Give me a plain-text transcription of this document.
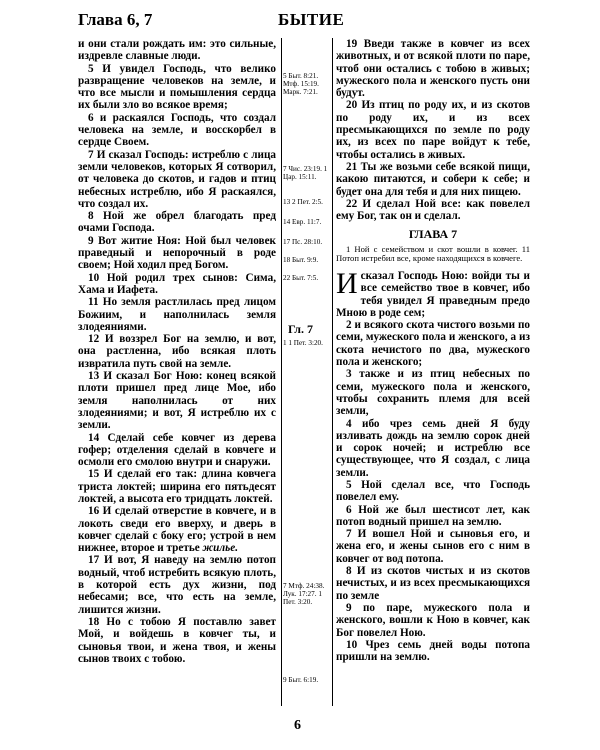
Глава 6, 7	БЫТИЕ

и они стали рождать им: это сильные, издревле славные люди.

5 И увидел Господь, что велико развращение человеков на земле, и что все мысли и помышления сердца их были зло во всякое время;

6 и раскаялся Господь, что создал человека на земле, и восскорбел в сердце Своем.

7 И сказал Господь: истреблю с лица земли человеков, которых Я сотворил, от человека до скотов, и гадов и птиц небесных истреблю, ибо Я раскаялся, что создал их.

8 Ной же обрел благодать пред очами Господа.

9 Вот житие Ноя: Ной был человек праведный и непорочный в роде своем; Ной ходил пред Богом.

10 Ной родил трех сынов: Сима, Хама и Иафета.

11 Но земля растлилась пред лицом Божиим, и наполнилась земля злодеяниями.

12 И воззрел Бог на землю, и вот, она растленна, ибо всякая плоть извратила путь свой на земле.

13 И сказал Бог Ною: конец всякой плоти пришел пред лице Мое, ибо земля наполнилась от них злодеяниями; и вот, Я истреблю их с земли.

14 Сделай себе ковчег из дерева гофер; отделения сделай в ковчеге и осмоли его смолою внутри и снаружи.

15 И сделай его так: длина ковчега триста локтей; ширина его пятьдесят локтей, а высота его тридцать локтей.

16 И сделай отверстие в ковчеге, и в локоть сведи его вверху, и дверь в ковчег сделай с боку его; устрой в нем нижнее, второе и третье жилье.

17 И вот, Я наведу на землю потоп водный, чтоб истребить всякую плоть, в которой есть дух жизни, под небесами; все, что есть на земле, лишится жизни.

18 Но с тобою Я поставлю завет Мой, и войдешь в ковчег ты, и сыновья твои, и жена твоя, и жены сынов твоих с тобою.

5 Быт. 8:21. Мтф. 15:19. Марк. 7:21.
7 Чис. 23:19. 1 Цар. 15:11.
13 2 Пет. 2:5.
14 Евр. 11:7.
17 Пс. 28:10.
18 Быт. 9:9.
22 Быт. 7:5.
1 1 Пет. 3:20.
7 Мтф. 24:38. Лук. 17:27. 1 Пет. 3:20.
9 Быт. 6:19.
Гл. 7

19 Введи также в ковчег из всех животных, и от всякой плоти по паре, чтоб они остались с тобою в живых; мужеского пола и женского пусть они будут.

20 Из птиц по роду их, и из скотов по роду их, и из всех пресмыкающихся по земле по роду их, из всех по паре войдут к тебе, чтобы остались в живых.

21 Ты же возьми себе всякой пищи, какою питаются, и собери к себе; и будет она для тебя и для них пищею.

22 И сделал Ной все: как повелел ему Бог, так он и сделал.

ГЛАВА 7

1 Ной с семейством и скот вошли в ковчег. 11 Потоп истребил все, кроме находящихся в ковчеге.

Исказал Господь Ною: войди ты и все семейство твое в ковчег, ибо тебя увидел Я праведным предо Мною в роде сем;

2 и всякого скота чистого возьми по семи, мужеского пола и женского, а из скота нечистого по два, мужеского пола и женского;

3 также и из птиц небесных по семи, мужеского пола и женского, чтобы сохранить племя для всей земли,

4 ибо чрез семь дней Я буду изливать дождь на землю сорок дней и сорок ночей; и истреблю все существующее, что Я создал, с лица земли.

5 Ной сделал все, что Господь повелел ему.

6 Ной же был шестисот лет, как потоп водный пришел на землю.

7 И вошел Ной и сыновья его, и жена его, и жены сынов его с ним в ковчег от вод потопа.

8 И из скотов чистых и из скотов нечистых, и из всех пресмыкающихся по земле

9 по паре, мужеского пола и женского, вошли к Ною в ковчег, как Бог повелел Ною.

10 Чрез семь дней воды потопа пришли на землю.

6
